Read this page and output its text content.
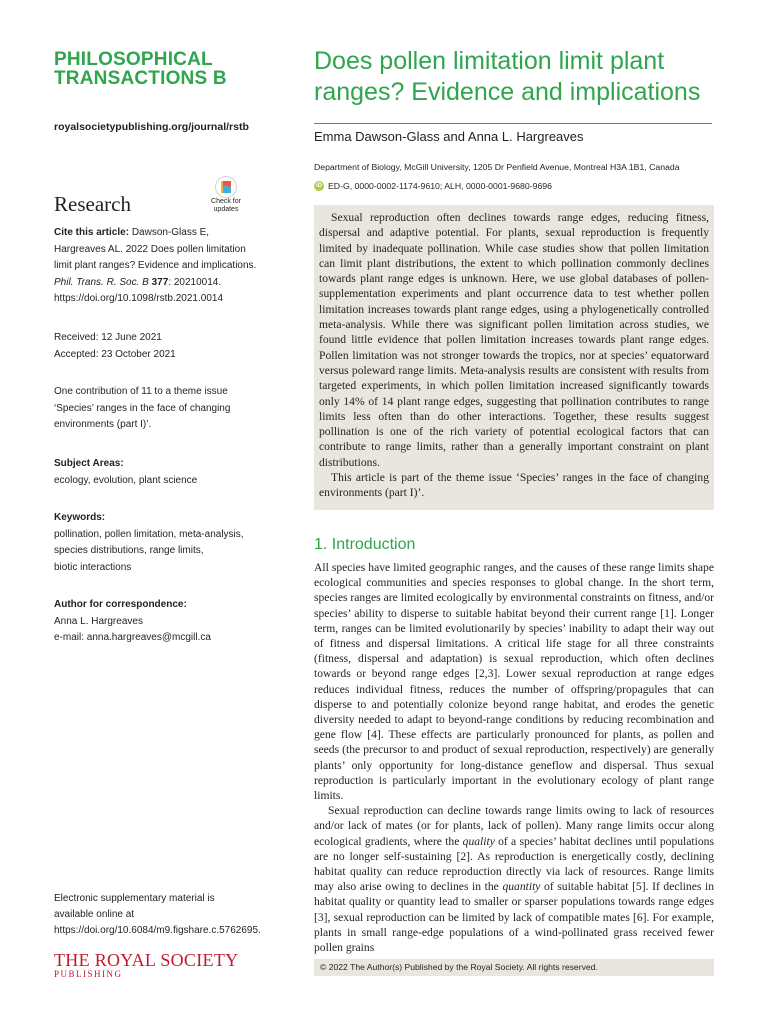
PHILOSOPHICAL
TRANSACTIONS B
royalsocietypublishing.org/journal/rstb
Research	Check for
updates
Cite this article: Dawson-Glass E, Hargreaves AL. 2022 Does pollen limitation limit plant ranges? Evidence and implications. Phil. Trans. R. Soc. B 377: 20210014. https://doi.org/10.1098/rstb.2021.0014
Received: 12 June 2021
Accepted: 23 October 2021
One contribution of 11 to a theme issue ‘Species’ ranges in the face of changing environments (part I)’.
Subject Areas:
ecology, evolution, plant science
Keywords:
pollination, pollen limitation, meta-analysis,
species distributions, range limits,
biotic interactions
Author for correspondence:
Anna L. Hargreaves
e-mail: anna.hargreaves@mcgill.ca
Electronic supplementary material is available online at https://doi.org/10.6084/m9.figshare.c.5762695.
THE ROYAL SOCIETY
PUBLISHING
Does pollen limitation limit plant ranges? Evidence and implications
Emma Dawson-Glass and Anna L. Hargreaves
Department of Biology, McGill University, 1205 Dr Penfield Avenue, Montreal H3A 1B1, Canada
iD ED-G, 0000-0002-1174-9610; ALH, 0000-0001-9680-9696

Sexual reproduction often declines towards range edges, reducing fitness, dispersal and adaptive potential. For plants, sexual reproduction is frequently limited by inadequate pollination. While case studies show that pollen limitation can limit plant distributions, the extent to which pollination commonly declines towards plant range edges is unknown. Here, we use global databases of pollen-supplementation experiments and plant occurrence data to test whether pollen limitation increases towards plant range edges, using a phylogenetically controlled meta-analysis. While there was significant pollen limitation across studies, we found little evidence that pollen limitation increases towards plant range edges. Pollen limitation was not stronger towards the tropics, nor at species’ equatorward versus poleward range limits. Meta-analysis results are consistent with results from targeted experiments, in which pollen limitation increased significantly towards only 14% of 14 plant range edges, suggesting that pollination contributes to range limits less often than do other interactions. Together, these results suggest pollination is one of the rich variety of potential ecological factors that can contribute to range limits, rather than a generally important constraint on plant distributions.

This article is part of the theme issue ‘Species’ ranges in the face of changing environments (part I)’.

1. Introduction

All species have limited geographic ranges, and the causes of these range limits shape ecological communities and species responses to global change. In the short term, species ranges are limited ecologically by environmental constraints on fitness, and/or species’ ability to disperse to suitable habitat beyond their current range [1]. Longer term, ranges can be limited evolutionarily by species’ inability to adapt their way out of fitness and dispersal limitations. A critical life stage for all three constraints (fitness, dispersal and adaptation) is sexual reproduction, which often declines towards or beyond range edges [2,3]. Lower sexual reproduction at range edges reduces individual fitness, reduces the number of offspring/propagules that can disperse to and potentially colonize beyond range habitat, and erodes the genetic diversity needed to adapt to beyond-range conditions by reducing recombination and gene flow [4]. These effects are particularly pronounced for plants, as pollen and seeds (the precursor to and product of sexual reproduction, respectively) are generally plants’ only opportunity for long-distance geneflow and dispersal. Thus sexual reproduction is particularly important in the evolutionary ecology of plant range limits.

Sexual reproduction can decline towards range limits owing to lack of resources and/or lack of mates (or for plants, lack of pollen). Many range limits occur along ecological gradients, where the quality of a species’ habitat declines until populations are no longer self-sustaining [2]. As reproduction is energetically costly, declining habitat quality can reduce reproduction directly via lack of resources. Range limits may also arise owing to declines in the quantity of suitable habitat [5]. If declines in habitat quality or quantity lead to smaller or sparser populations towards range edges [3], sexual reproduction can be limited by lack of compatible mates [6]. For example, plants in small range-edge populations of a wind-pollinated grass received fewer pollen grains

© 2022 The Author(s) Published by the Royal Society. All rights reserved.
